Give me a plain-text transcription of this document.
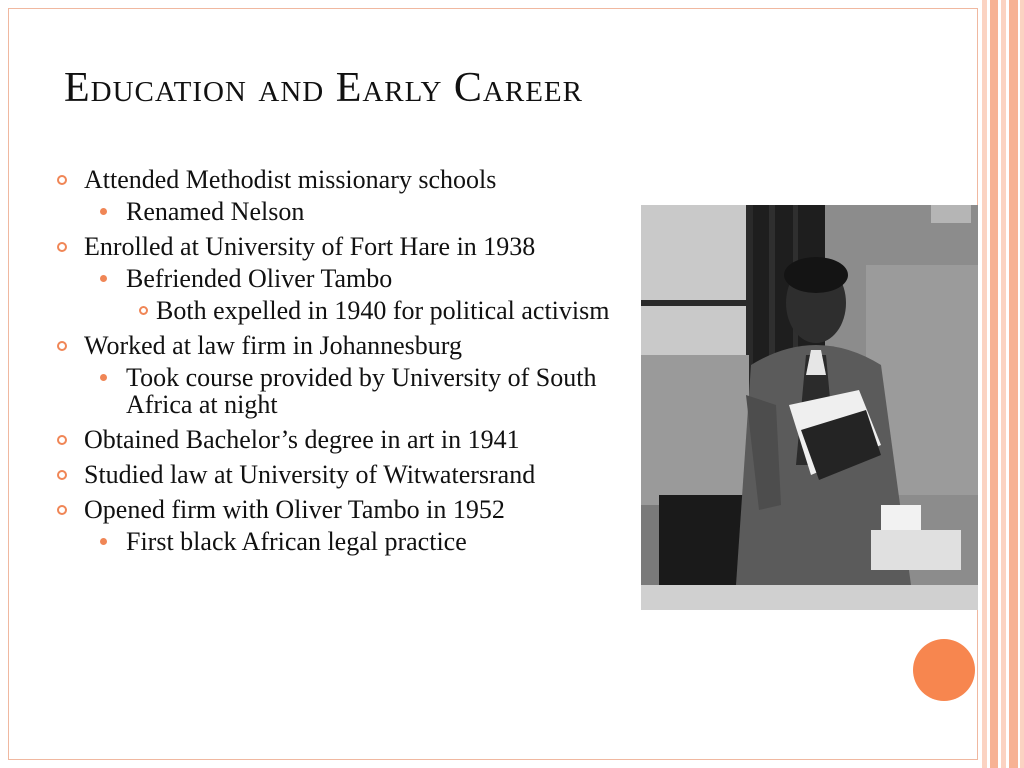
Education and Early Career
Attended Methodist missionary schools
Renamed Nelson
Enrolled at University of Fort Hare in 1938
Befriended Oliver Tambo
Both expelled in 1940 for political activism
Worked at law firm in Johannesburg
Took course provided by University of South Africa at night
Obtained Bachelor’s degree in art in 1941
Studied law at University of Witwatersrand
Opened firm with Oliver Tambo in 1952
First black African legal practice
